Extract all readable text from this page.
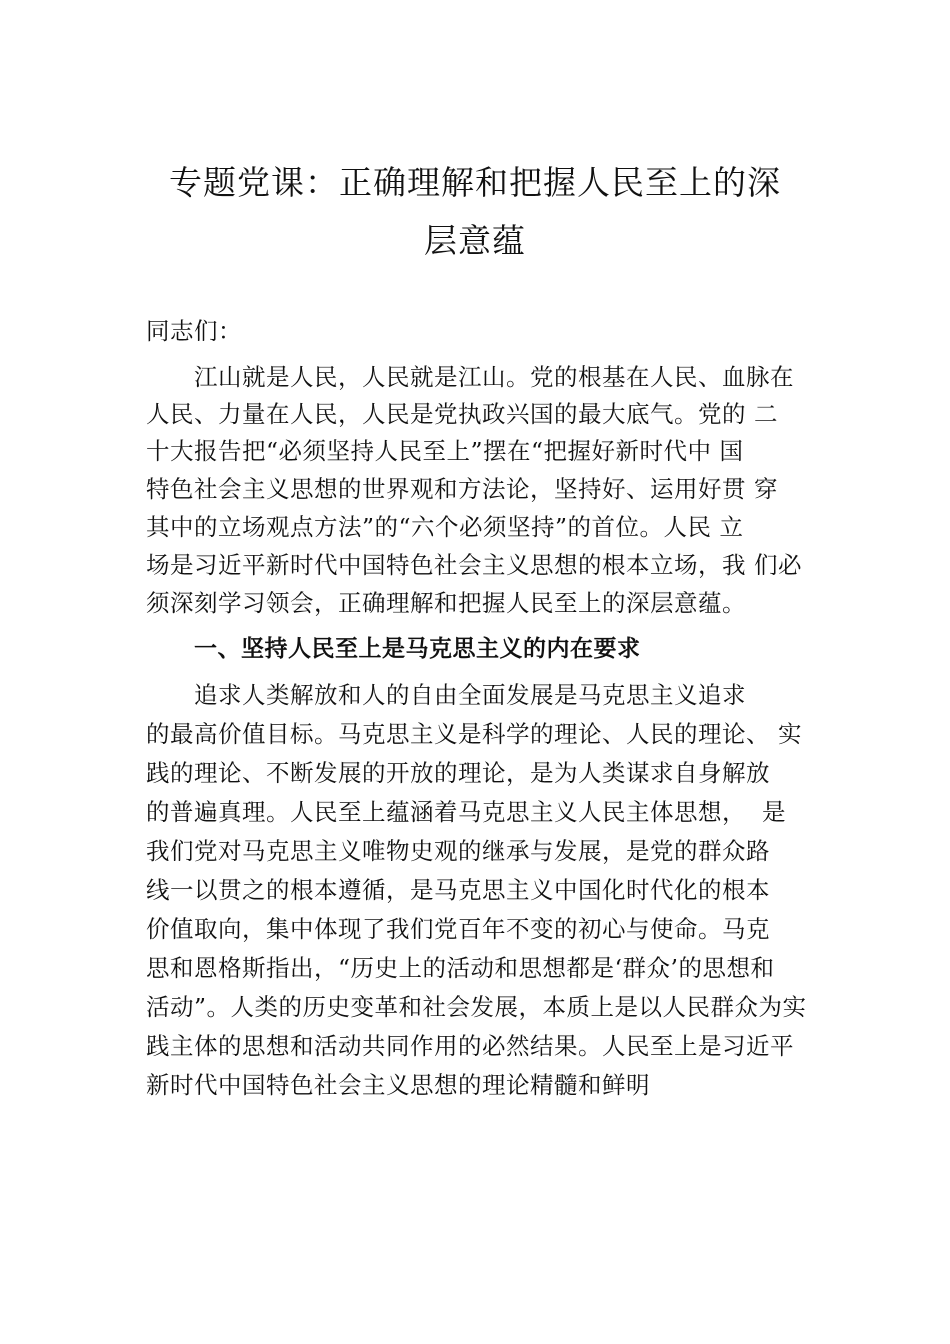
专题党课：正确理解和把握人民至上的深
层意蕴
同志们：
江山就是人民，人民就是江山。党的根基在人民、血脉在
人民、力量在人民，人民是党执政兴国的最大底气。党的 二
十大报告把“必须坚持人民至上”摆在“把握好新时代中 国
特色社会主义思想的世界观和方法论，坚持好、运用好贯 穿
其中的立场观点方法”的“六个必须坚持”的首位。人民 立
场是习近平新时代中国特色社会主义思想的根本立场，我 们必
须深刻学习领会，正确理解和把握人民至上的深层意蕴。
一、坚持人民至上是马克思主义的内在要求
追求人类解放和人的自由全面发展是马克思主义追求
的最高价值目标。马克思主义是科学的理论、人民的理论、 实
践的理论、不断发展的开放的理论，是为人类谋求自身解放
的普遍真理。人民至上蕴涵着马克思主义人民主体思想，  是
我们党对马克思主义唯物史观的继承与发展，是党的群众路
线一以贯之的根本遵循，是马克思主义中国化时代化的根本
价值取向，集中体现了我们党百年不变的初心与使命。马克
思和恩格斯指出，“历史上的活动和思想都是‘群众’的思想和
活动”。人类的历史变革和社会发展，本质上是以人民群众为实
践主体的思想和活动共同作用的必然结果。人民至上是习近平
新时代中国特色社会主义思想的理论精髓和鲜明
